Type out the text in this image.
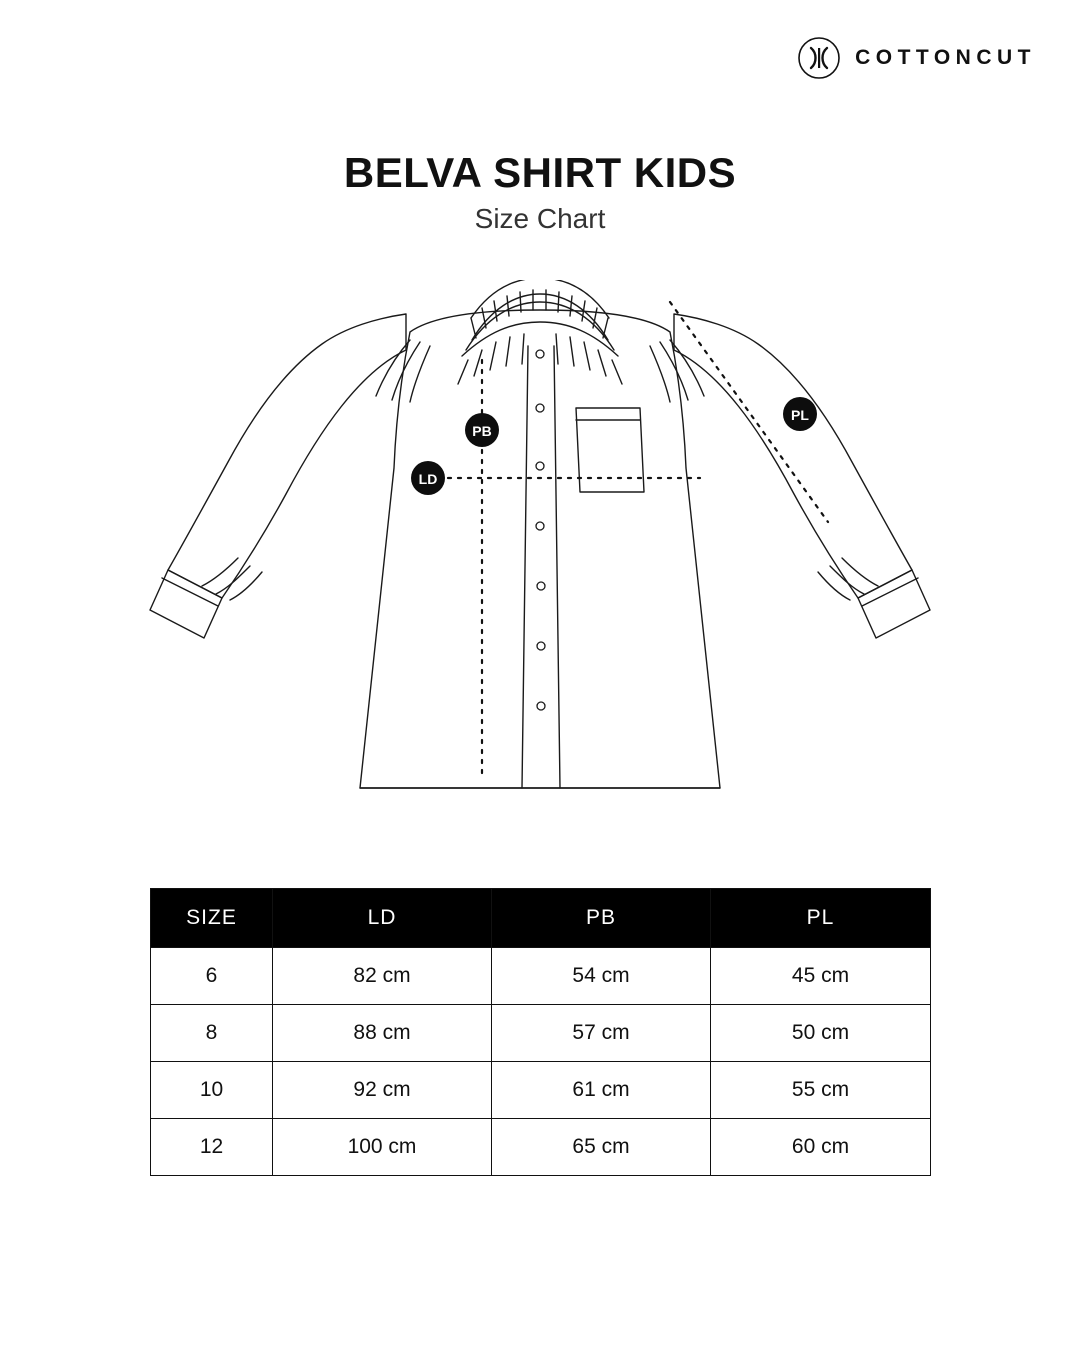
COTTONCUT
BELVA SHIRT KIDS

Size Chart

PB
LD
PL
SIZE	LD	PB	PL
6	82 cm	54 cm	45 cm
8	88 cm	57 cm	50 cm
10	92 cm	61 cm	55 cm
12	100 cm	65 cm	60 cm
